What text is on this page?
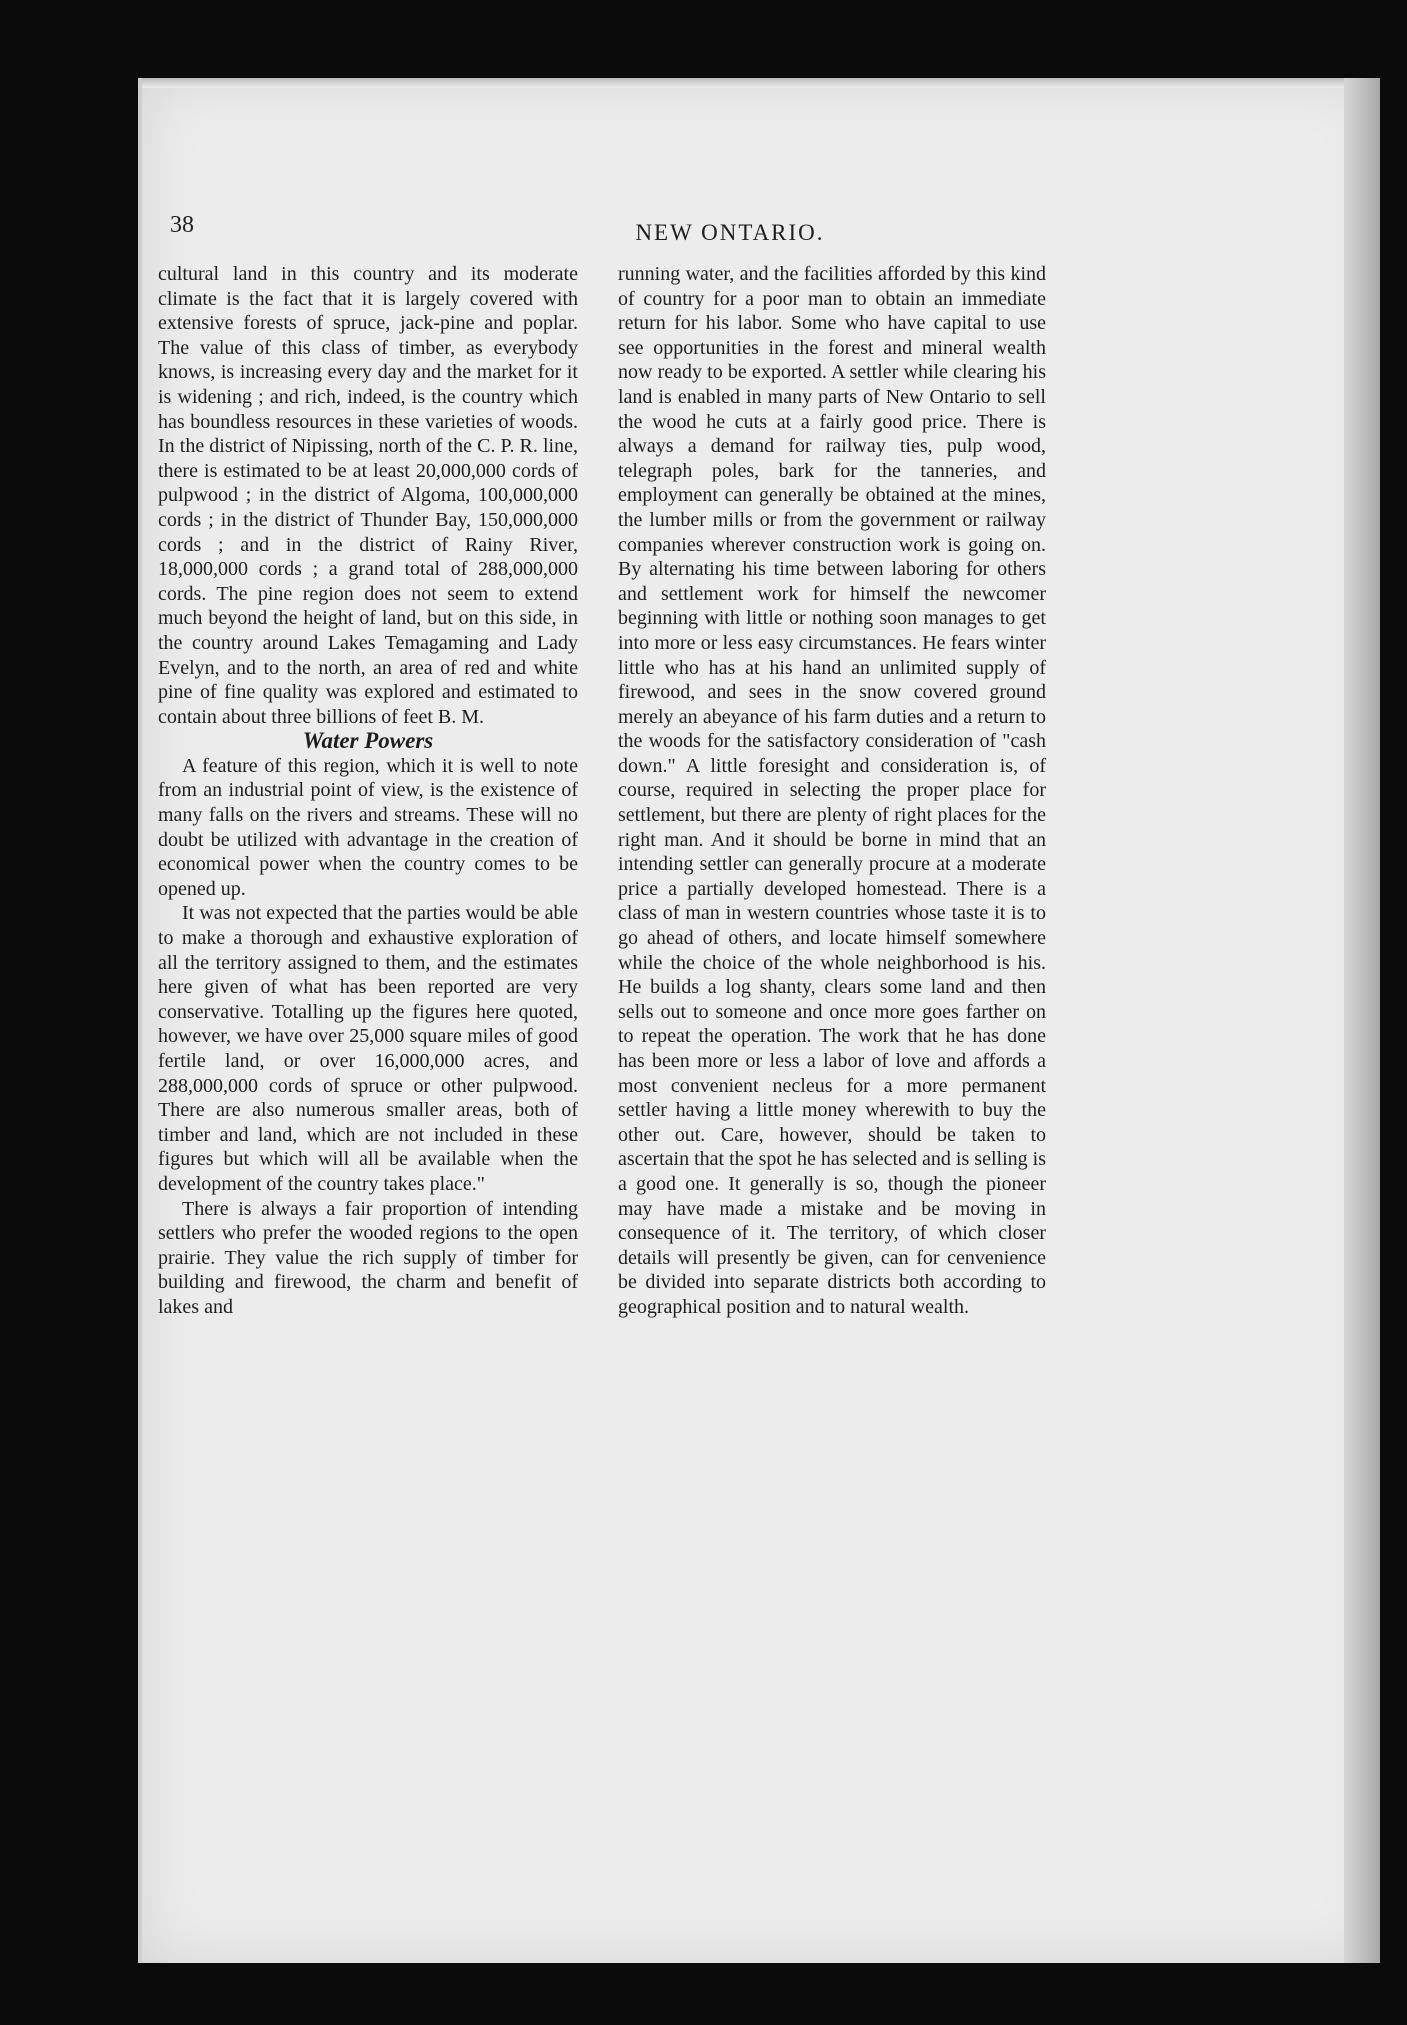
38	NEW ONTARIO.

cultural land in this country and its moderate climate is the fact that it is largely covered with extensive forests of spruce, jack-pine and poplar. The value of this class of timber, as everybody knows, is increasing every day and the market for it is widening ; and rich, indeed, is the country which has boundless resources in these varieties of woods. In the district of Nipissing, north of the C. P. R. line, there is estimated to be at least 20,000,000 cords of pulpwood ; in the district of Algoma, 100,000,000 cords ; in the district of Thunder Bay, 150,000,000 cords ; and in the district of Rainy River, 18,000,000 cords ; a grand total of 288,000,000 cords. The pine region does not seem to extend much beyond the height of land, but on this side, in the country around Lakes Temagaming and Lady Evelyn, and to the north, an area of red and white pine of fine quality was explored and estimated to contain about three billions of feet B. M.

Water Powers

A feature of this region, which it is well to note from an industrial point of view, is the existence of many falls on the rivers and streams. These will no doubt be utilized with advantage in the creation of economical power when the country comes to be opened up.

It was not expected that the parties would be able to make a thorough and exhaustive exploration of all the territory assigned to them, and the estimates here given of what has been reported are very conservative. Totalling up the figures here quoted, however, we have over 25,000 square miles of good fertile land, or over 16,000,000 acres, and 288,000,000 cords of spruce or other pulpwood. There are also numerous smaller areas, both of timber and land, which are not included in these figures but which will all be available when the development of the country takes place."

There is always a fair proportion of intending settlers who prefer the wooded regions to the open prairie. They value the rich supply of timber for building and firewood, the charm and benefit of lakes and

running water, and the facilities afforded by this kind of country for a poor man to obtain an immediate return for his labor. Some who have capital to use see opportunities in the forest and mineral wealth now ready to be exported. A settler while clearing his land is enabled in many parts of New Ontario to sell the wood he cuts at a fairly good price. There is always a demand for railway ties, pulp wood, telegraph poles, bark for the tanneries, and employment can generally be obtained at the mines, the lumber mills or from the government or railway companies wherever construction work is going on. By alternating his time between laboring for others and settlement work for himself the newcomer beginning with little or nothing soon manages to get into more or less easy circumstances. He fears winter little who has at his hand an unlimited supply of firewood, and sees in the snow covered ground merely an abeyance of his farm duties and a return to the woods for the satisfactory consideration of "cash down." A little foresight and consideration is, of course, required in selecting the proper place for settlement, but there are plenty of right places for the right man. And it should be borne in mind that an intending settler can generally procure at a moderate price a partially developed homestead. There is a class of man in western countries whose taste it is to go ahead of others, and locate himself somewhere while the choice of the whole neighborhood is his. He builds a log shanty, clears some land and then sells out to someone and once more goes farther on to repeat the operation. The work that he has done has been more or less a labor of love and affords a most convenient necleus for a more permanent settler having a little money wherewith to buy the other out. Care, however, should be taken to ascertain that the spot he has selected and is selling is a good one. It generally is so, though the pioneer may have made a mistake and be moving in consequence of it. The territory, of which closer details will presently be given, can for cenvenience be divided into separate districts both according to geographical position and to natural wealth.
